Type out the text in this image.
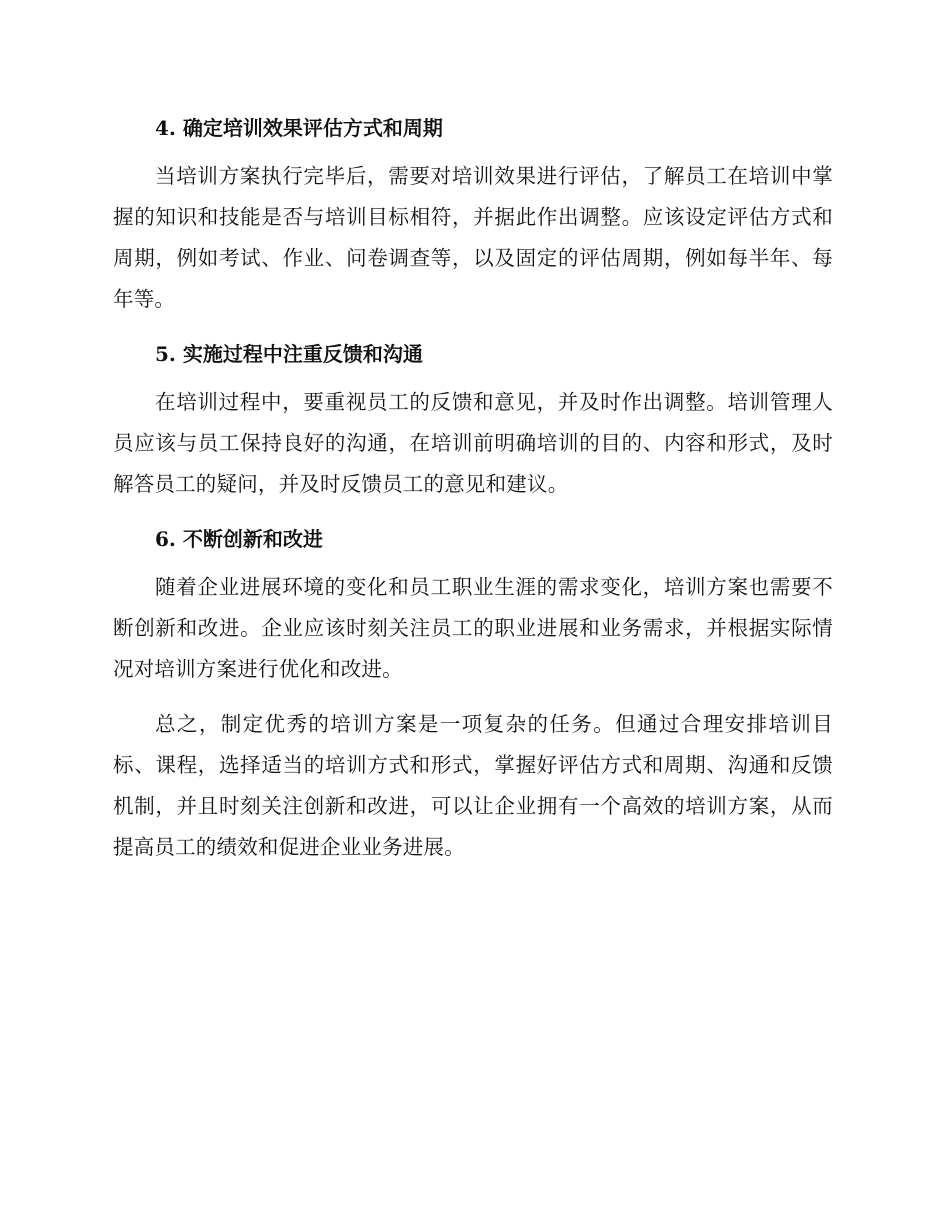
4. 确定培训效果评估方式和周期

当培训方案执行完毕后，需要对培训效果进行评估，了解员工在培训中掌握的知识和技能是否与培训目标相符，并据此作出调整。应该设定评估方式和周期，例如考试、作业、问卷调查等，以及固定的评估周期，例如每半年、每年等。

5. 实施过程中注重反馈和沟通

在培训过程中，要重视员工的反馈和意见，并及时作出调整。培训管理人员应该与员工保持良好的沟通，在培训前明确培训的目的、内容和形式，及时解答员工的疑问，并及时反馈员工的意见和建议。

6. 不断创新和改进

随着企业进展环境的变化和员工职业生涯的需求变化，培训方案也需要不断创新和改进。企业应该时刻关注员工的职业进展和业务需求，并根据实际情况对培训方案进行优化和改进。

总之，制定优秀的培训方案是一项复杂的任务。但通过合理安排培训目标、课程，选择适当的培训方式和形式，掌握好评估方式和周期、沟通和反馈机制，并且时刻关注创新和改进，可以让企业拥有一个高效的培训方案，从而提高员工的绩效和促进企业业务进展。
